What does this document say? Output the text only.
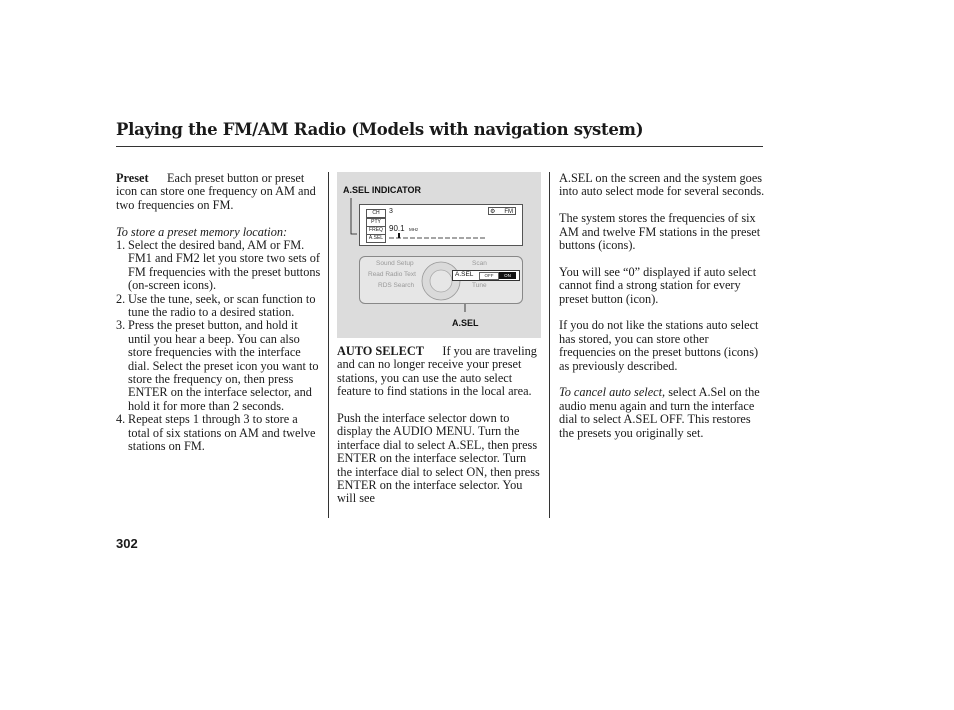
Playing the FM/AM Radio (Models with navigation system)

Preset Each preset button or preset icon can store one frequency on AM and two frequencies on FM.

To store a preset memory location:

1. Select the desired band, AM or FM. FM1 and FM2 let you store two sets of FM frequencies with the preset buttons (on-screen icons).
2. Use the tune, seek, or scan function to tune the radio to a desired station.
3. Press the preset button, and hold it until you hear a beep. You can also store frequencies with the interface dial. Select the preset icon you want to store the frequency on, then press ENTER on the interface selector, and hold it for more than 2 seconds.
4. Repeat steps 1 through 3 to store a total of six stations on AM and twelve stations on FM.
A.SEL INDICATOR
CH
PTY
FREQ
A.SEL
3	FM
⚙
90.1 MHz
Sound Setup
Read Radio Text
RDS Search
Scan
A.SEL	OFF	ON
Tune
A.SEL

AUTO SELECT If you are traveling and can no longer receive your preset stations, you can use the auto select feature to find stations in the local area.

Push the interface selector down to display the AUDIO MENU. Turn the interface dial to select A.SEL, then press ENTER on the interface selector. Turn the interface dial to select ON, then press ENTER on the interface selector. You will see

A.SEL on the screen and the system goes into auto select mode for several seconds.

The system stores the frequencies of six AM and twelve FM stations in the preset buttons (icons).

You will see “0” displayed if auto select cannot find a strong station for every preset button (icon).

If you do not like the stations auto select has stored, you can store other frequencies on the preset buttons (icons) as previously described.

To cancel auto select, select A.Sel on the audio menu again and turn the interface dial to select A.SEL OFF. This restores the presets you originally set.

302
